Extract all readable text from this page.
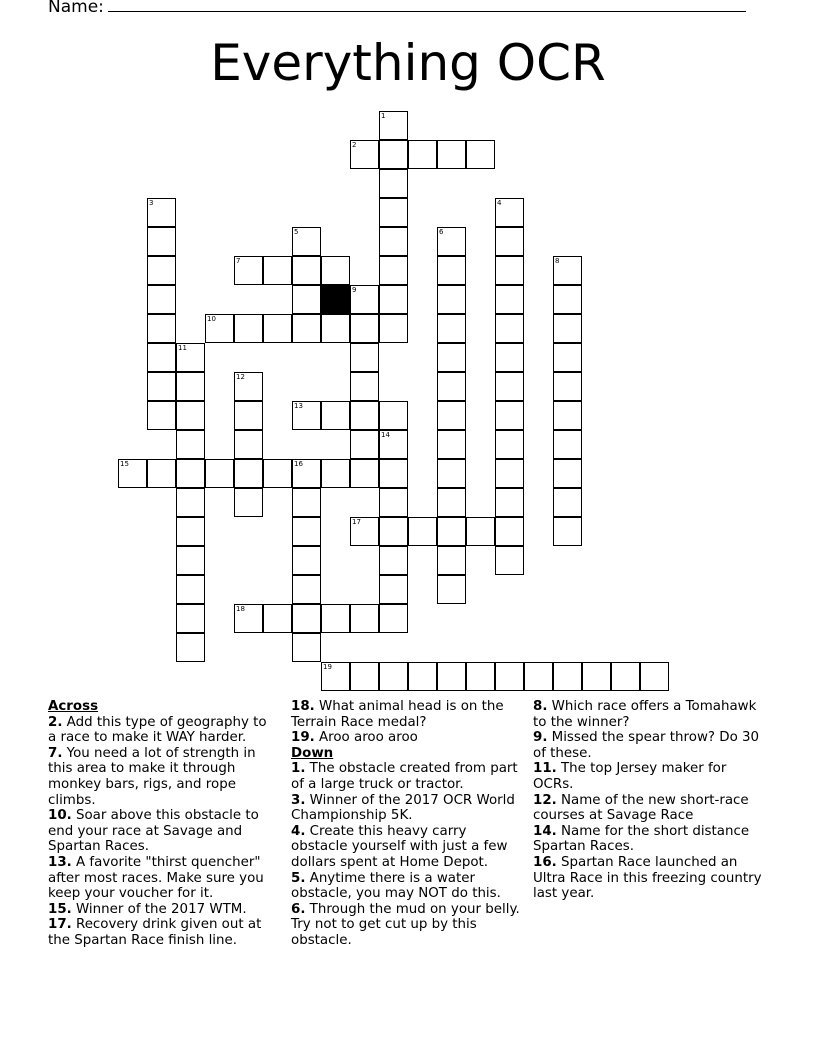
Name:
Everything OCR
1
2
3	4
5	6
7	8
9
10
11
12
13
14
15	16
17
18
19
Across
2. Add this type of geography to a race to make it WAY harder.
7. You need a lot of strength in this area to make it through monkey bars, rigs, and rope climbs.
10. Soar above this obstacle to end your race at Savage and Spartan Races.
13. A favorite "thirst quencher" after most races. Make sure you keep your voucher for it.
15. Winner of the 2017 WTM.
17. Recovery drink given out at the Spartan Race finish line.
18. What animal head is on the Terrain Race medal?
19. Aroo aroo aroo
Down
1. The obstacle created from part of a large truck or tractor.
3. Winner of the 2017 OCR World Championship 5K.
4. Create this heavy carry obstacle yourself with just a few dollars spent at Home Depot.
5. Anytime there is a water obstacle, you may NOT do this.
6. Through the mud on your belly. Try not to get cut up by this obstacle.
8. Which race offers a Tomahawk to the winner?
9. Missed the spear throw? Do 30 of these.
11. The top Jersey maker for OCRs.
12. Name of the new short-race courses at Savage Race
14. Name for the short distance Spartan Races.
16. Spartan Race launched an Ultra Race in this freezing country last year.
